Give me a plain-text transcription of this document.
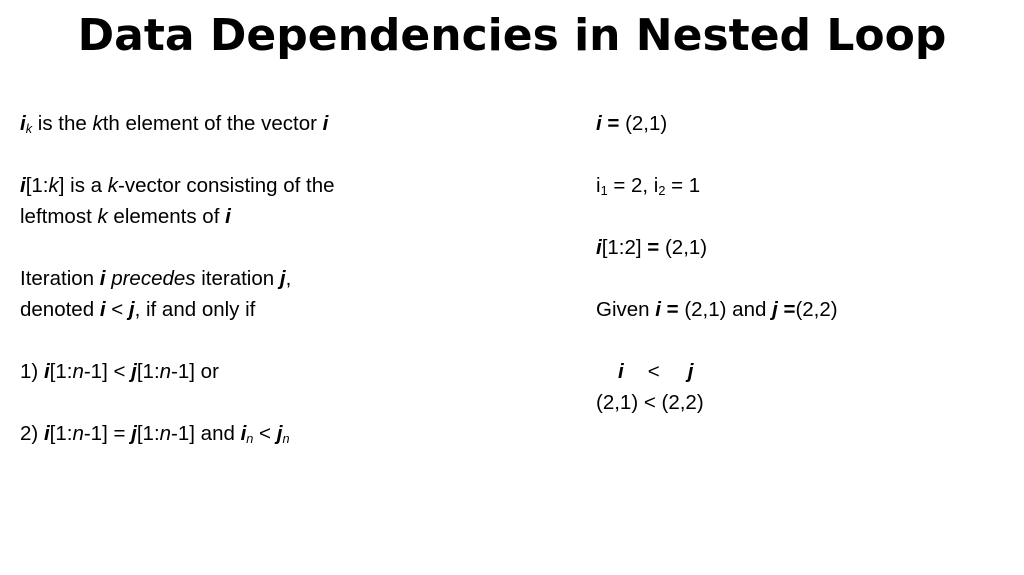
Data Dependencies in Nested Loop
$i_k$ is the kth element of the vector i
i[1:k] is a k-vector consisting of the
leftmost k elements of i
Iteration i precedes iteration j,
denoted i < j, if and only if
1) i[1:n-1] < j[1:n-1] or
2) i[1:n-1] = j[1:n-1] and $i_n < j_n$
i = (2,1)
$i_1 = 2$, $i_2 = 1$
i[1:2] = (2,1)
Given i = (2,1) and j =(2,2)
i < j
(2,1) < (2,2)
